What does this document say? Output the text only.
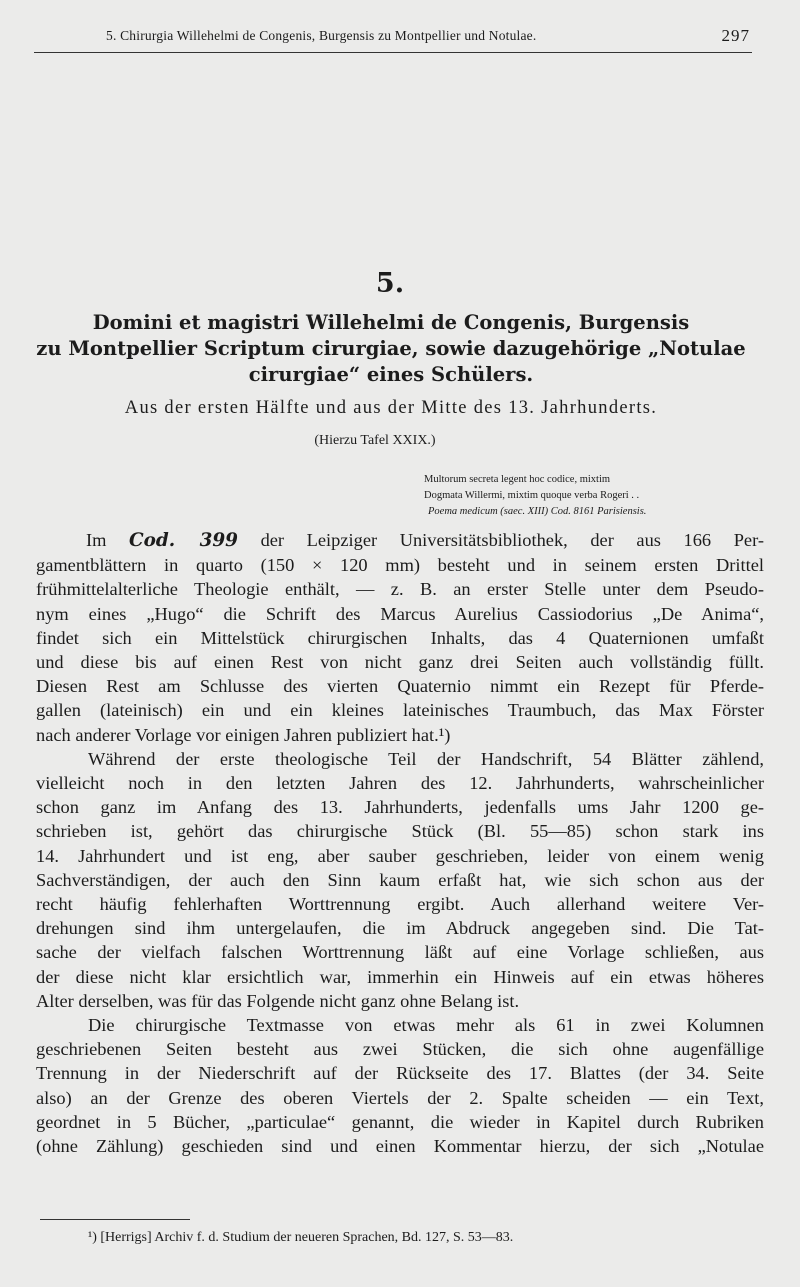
5. Chirurgia Willehelmi de Congenis, Burgensis zu Montpellier und Notulae.	297
5.
Domini et magistri Willehelmi de Congenis, Burgensis
zu Montpellier Scriptum cirurgiae, sowie dazugehörige „Notulae
cirurgiae“ eines Schülers.
Aus der ersten Hälfte und aus der Mitte des 13. Jahrhunderts.
(Hierzu Tafel XXIX.)
Multorum secreta legent hoc codice, mixtim
Dogmata Willermi, mixtim quoque verba Rogeri . .
Poema medicum (saec. XIII) Cod. 8161 Parisiensis.

Im Cod. 399 der Leipziger Universitätsbibliothek, der aus 166 Per-
gamentblättern in quarto (150 × 120 mm) besteht und in seinem ersten Drittel
frühmittelalterliche Theologie enthält, — z. B. an erster Stelle unter dem Pseudo-
nym eines „Hugo“ die Schrift des Marcus Aurelius Cassiodorius „De Anima“,
findet sich ein Mittelstück chirurgischen Inhalts, das 4 Quaternionen umfaßt
und diese bis auf einen Rest von nicht ganz drei Seiten auch vollständig füllt.
Diesen Rest am Schlusse des vierten Quaternio nimmt ein Rezept für Pferde-
gallen (lateinisch) ein und ein kleines lateinisches Traumbuch, das Max Förster
nach anderer Vorlage vor einigen Jahren publiziert hat.¹)

Während der erste theologische Teil der Handschrift, 54 Blätter zählend,
vielleicht noch in den letzten Jahren des 12. Jahrhunderts, wahrscheinlicher
schon ganz im Anfang des 13. Jahrhunderts, jedenfalls ums Jahr 1200 ge-
schrieben ist, gehört das chirurgische Stück (Bl. 55—85) schon stark ins
14. Jahrhundert und ist eng, aber sauber geschrieben, leider von einem wenig
Sachverständigen, der auch den Sinn kaum erfaßt hat, wie sich schon aus der
recht häufig fehlerhaften Worttrennung ergibt. Auch allerhand weitere Ver-
drehungen sind ihm untergelaufen, die im Abdruck angegeben sind. Die Tat-
sache der vielfach falschen Worttrennung läßt auf eine Vorlage schließen, aus
der diese nicht klar ersichtlich war, immerhin ein Hinweis auf ein etwas höheres
Alter derselben, was für das Folgende nicht ganz ohne Belang ist.

Die chirurgische Textmasse von etwas mehr als 61 in zwei Kolumnen
geschriebenen Seiten besteht aus zwei Stücken, die sich ohne augenfällige
Trennung in der Niederschrift auf der Rückseite des 17. Blattes (der 34. Seite
also) an der Grenze des oberen Viertels der 2. Spalte scheiden — ein Text,
geordnet in 5 Bücher, „particulae“ genannt, die wieder in Kapitel durch Rubriken
(ohne Zählung) geschieden sind und einen Kommentar hierzu, der sich „Notulae

¹) [Herrigs] Archiv f. d. Studium der neueren Sprachen, Bd. 127, S. 53—83.
